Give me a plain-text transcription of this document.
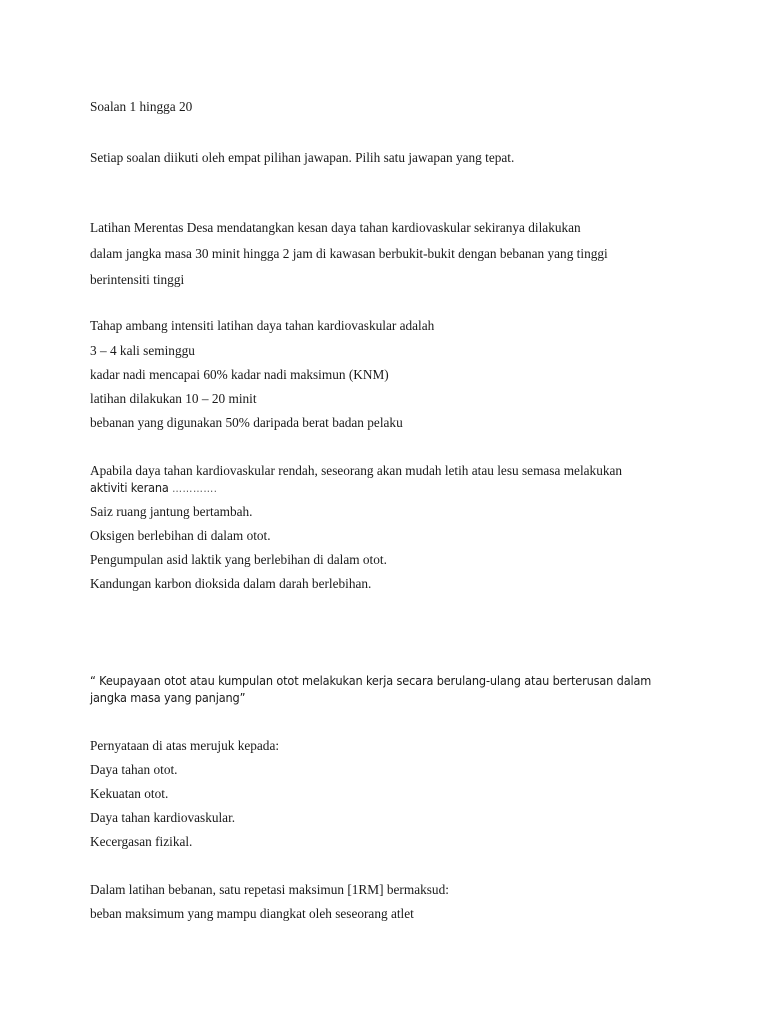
Soalan 1 hingga 20
Setiap soalan diikuti oleh empat pilihan jawapan. Pilih satu jawapan yang tepat.
Latihan Merentas Desa mendatangkan kesan daya tahan kardiovaskular sekiranya dilakukan
dalam jangka masa 30 minit hingga 2 jam di kawasan berbukit-bukit dengan bebanan yang tinggi
berintensiti tinggi
Tahap ambang intensiti latihan daya tahan kardiovaskular adalah
3 – 4 kali seminggu
kadar nadi mencapai 60% kadar nadi maksimun (KNM)
latihan dilakukan 10 – 20 minit
bebanan yang digunakan 50% daripada berat badan pelaku
Apabila daya tahan kardiovaskular rendah, seseorang akan mudah letih atau lesu semasa melakukan
aktiviti kerana ………….
Saiz ruang jantung bertambah.
Oksigen berlebihan di dalam otot.
Pengumpulan asid laktik yang berlebihan di dalam otot.
Kandungan karbon dioksida dalam darah berlebihan.
“ Keupayaan otot atau kumpulan otot melakukan kerja secara berulang-ulang atau berterusan dalam
jangka masa yang panjang”
Pernyataan di atas merujuk kepada:
Daya tahan otot.
Kekuatan otot.
Daya tahan kardiovaskular.
Kecergasan fizikal.
Dalam latihan bebanan, satu repetasi maksimun [1RM] bermaksud:
beban maksimum yang mampu diangkat oleh seseorang atlet
